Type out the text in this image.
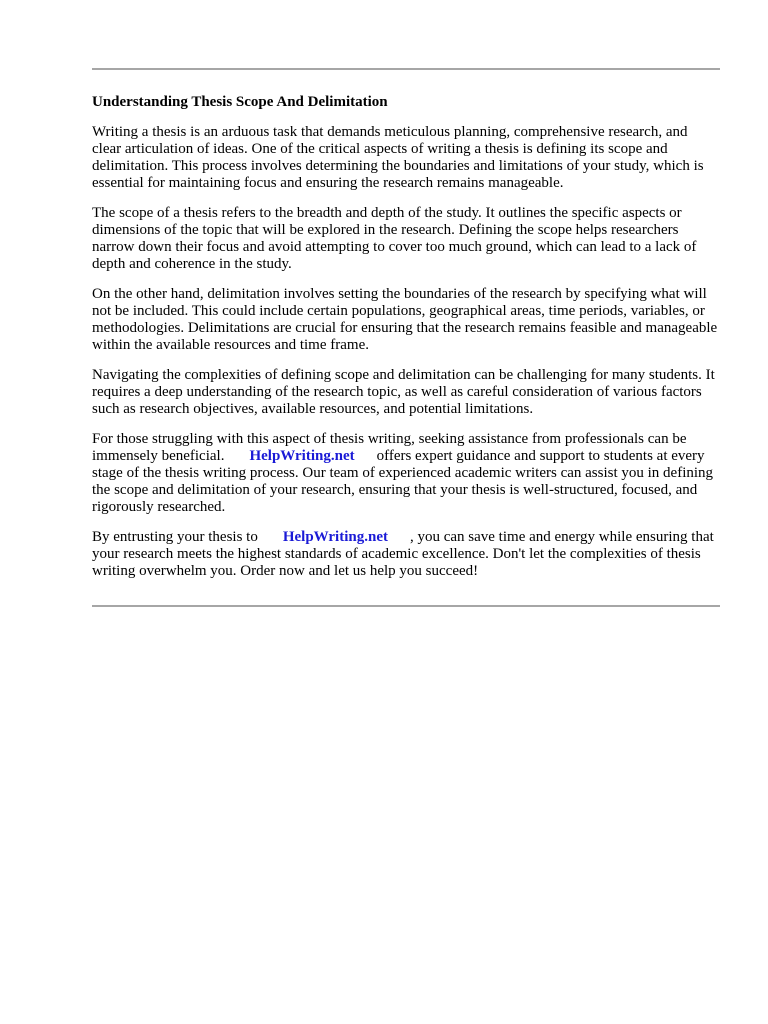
Understanding Thesis Scope And Delimitation

Writing a thesis is an arduous task that demands meticulous planning, comprehensive research, and clear articulation of ideas. One of the critical aspects of writing a thesis is defining its scope and delimitation. This process involves determining the boundaries and limitations of your study, which is essential for maintaining focus and ensuring the research remains manageable.

The scope of a thesis refers to the breadth and depth of the study. It outlines the specific aspects or dimensions of the topic that will be explored in the research. Defining the scope helps researchers narrow down their focus and avoid attempting to cover too much ground, which can lead to a lack of depth and coherence in the study.

On the other hand, delimitation involves setting the boundaries of the research by specifying what will not be included. This could include certain populations, geographical areas, time periods, variables, or methodologies. Delimitations are crucial for ensuring that the research remains feasible and manageable within the available resources and time frame.

Navigating the complexities of defining scope and delimitation can be challenging for many students. It requires a deep understanding of the research topic, as well as careful consideration of various factors such as research objectives, available resources, and potential limitations.

For those struggling with this aspect of thesis writing, seeking assistance from professionals can be immensely beneficial. HelpWriting.net offers expert guidance and support to students at every stage of the thesis writing process. Our team of experienced academic writers can assist you in defining the scope and delimitation of your research, ensuring that your thesis is well-structured, focused, and rigorously researched.

By entrusting your thesis to HelpWriting.net , you can save time and energy while ensuring that your research meets the highest standards of academic excellence. Don't let the complexities of thesis writing overwhelm you. Order now and let us help you succeed!
